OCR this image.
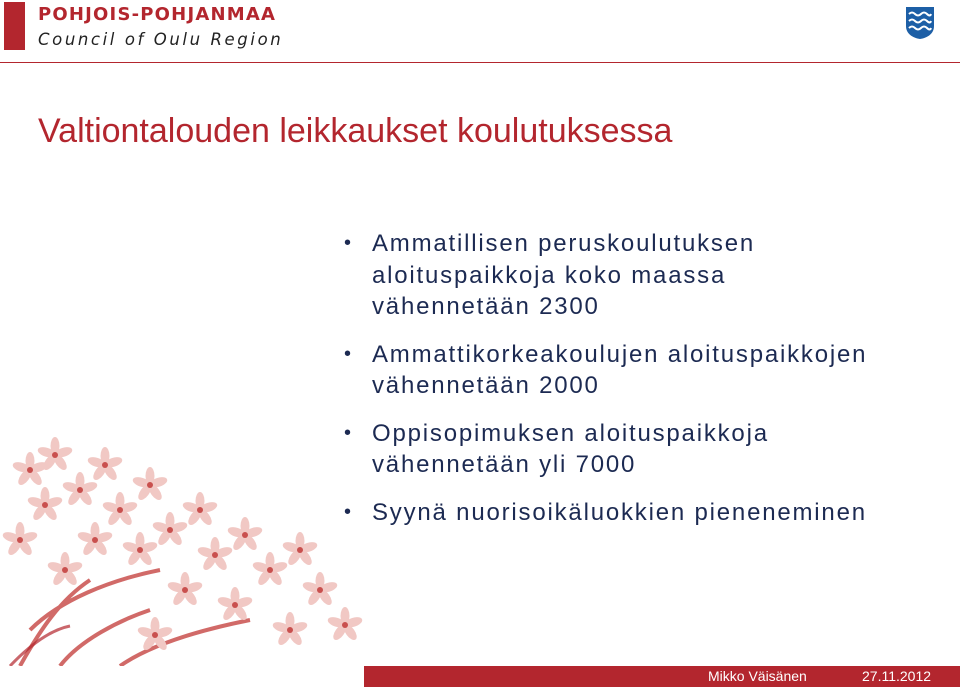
POHJOIS-POHJANMAA
Council of Oulu Region
Valtiontalouden leikkaukset koulutuksessa
• Ammatillisen peruskoulutuksen
aloituspaikkoja koko maassa
vähennetään 2300
• Ammattikorkeakoulujen aloituspaikkojen
vähennetään 2000
• Oppisopimuksen aloituspaikkoja
vähennetään yli 7000
• Syynä nuorisoikäluokkien pieneneminen
Mikko Väisänen	27.11.2012
